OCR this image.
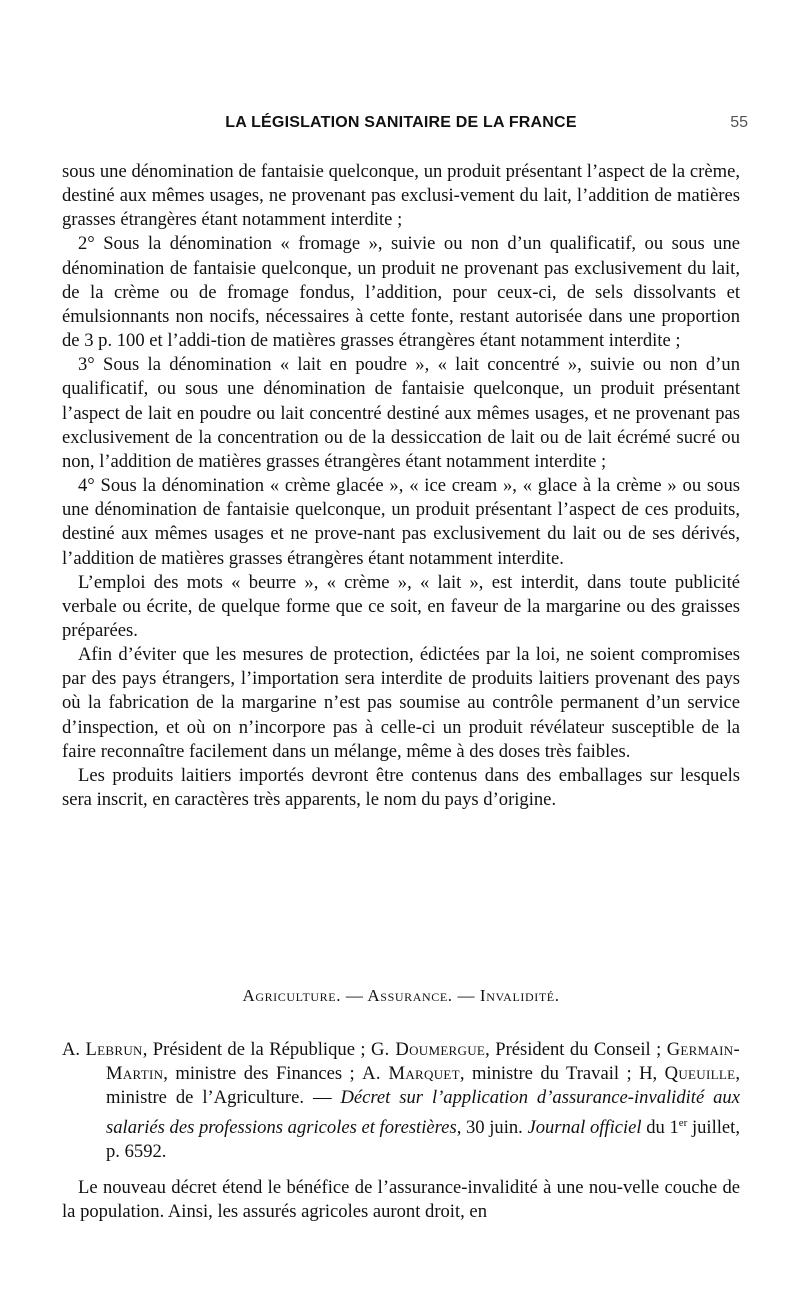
LA LÉGISLATION SANITAIRE DE LA FRANCE	55

sous une dénomination de fantaisie quelconque, un produit présentant l’aspect de la crème, destiné aux mêmes usages, ne provenant pas exclusi-vement du lait, l’addition de matières grasses étrangères étant notamment interdite ;

2° Sous la dénomination « fromage », suivie ou non d’un qualificatif, ou sous une dénomination de fantaisie quelconque, un produit ne provenant pas exclusivement du lait, de la crème ou de fromage fondus, l’addition, pour ceux-ci, de sels dissolvants et émulsionnants non nocifs, nécessaires à cette fonte, restant autorisée dans une proportion de 3 p. 100 et l’addi-tion de matières grasses étrangères étant notamment interdite ;

3° Sous la dénomination « lait en poudre », « lait concentré », suivie ou non d’un qualificatif, ou sous une dénomination de fantaisie quelconque, un produit présentant l’aspect de lait en poudre ou lait concentré destiné aux mêmes usages, et ne provenant pas exclusivement de la concentration ou de la dessiccation de lait ou de lait écrémé sucré ou non, l’addition de matières grasses étrangères étant notamment interdite ;

4° Sous la dénomination « crème glacée », « ice cream », « glace à la crème » ou sous une dénomination de fantaisie quelconque, un produit présentant l’aspect de ces produits, destiné aux mêmes usages et ne prove-nant pas exclusivement du lait ou de ses dérivés, l’addition de matières grasses étrangères étant notamment interdite.

L’emploi des mots « beurre », « crème », « lait », est interdit, dans toute publicité verbale ou écrite, de quelque forme que ce soit, en faveur de la margarine ou des graisses préparées.

Afin d’éviter que les mesures de protection, édictées par la loi, ne soient compromises par des pays étrangers, l’importation sera interdite de produits laitiers provenant des pays où la fabrication de la margarine n’est pas soumise au contrôle permanent d’un service d’inspection, et où on n’incorpore pas à celle-ci un produit révélateur susceptible de la faire reconnaître facilement dans un mélange, même à des doses très faibles.

Les produits laitiers importés devront être contenus dans des emballages sur lesquels sera inscrit, en caractères très apparents, le nom du pays d’origine.

Agriculture. — Assurance. — Invalidité.
A. Lebrun, Président de la République ; G. Doumergue, Président du Conseil ; Germain-Martin, ministre des Finances ; A. Marquet, ministre du Travail ; H, Queuille, ministre de l’Agriculture. — Décret sur l’application d’assurance-invalidité aux salariés des professions agricoles et forestières, 30 juin. Journal officiel du 1er juillet, p. 6592.

Le nouveau décret étend le bénéfice de l’assurance-invalidité à une nou-velle couche de la population. Ainsi, les assurés agricoles auront droit, en
